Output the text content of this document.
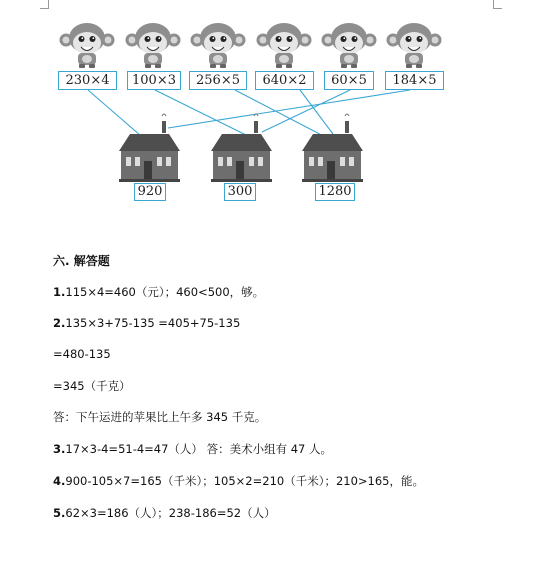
230×4	100×3	256×5	640×2	60×5	184×5
920	300	1280
六. 解答题
1.115×4=460（元）；460<500，够。
2.135×3+75-135 =405+75-135
=480-135
=345（千克）
答：下午运进的苹果比上午多 345 千克。
3.17×3-4=51-4=47（人） 答：美术小组有 47 人。
4.900-105×7=165（千米）；105×2=210（千米）；210>165，能。
5.62×3=186（人）；238-186=52（人）
